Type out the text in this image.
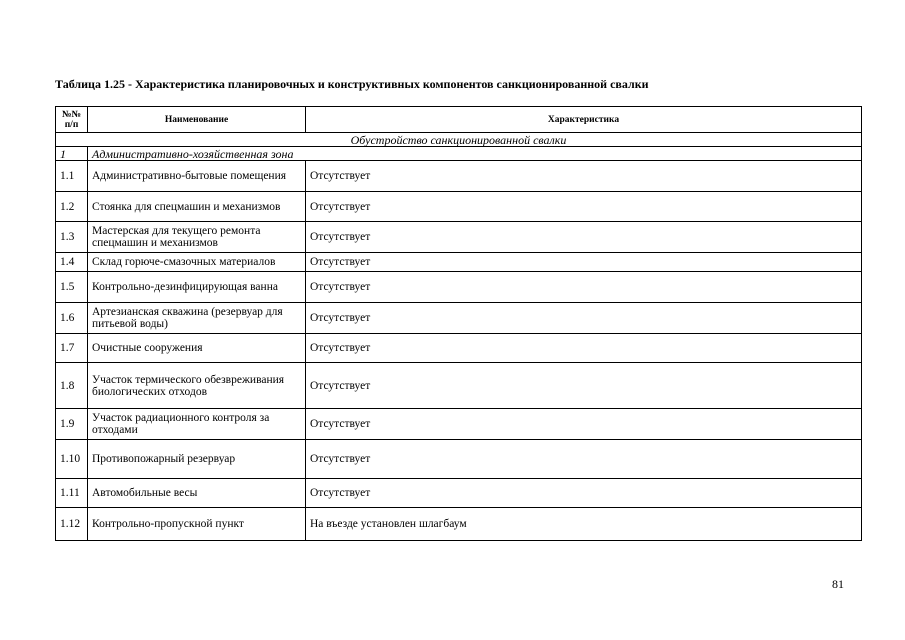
Таблица 1.25 - Характеристика планировочных и конструктивных компонентов санкционированной свалки
№№ п/п	Наименование	Характеристика
Обустройство санкционированной свалки		
1	Административно-хозяйственная зона	
1.1	Административно-бытовые помещения	Отсутствует
1.2	Стоянка для спецмашин и механизмов	Отсутствует
1.3	Мастерская для текущего ремонта спецмашин и механизмов	Отсутствует
1.4	Склад горюче-смазочных материалов	Отсутствует
1.5	Контрольно-дезинфицирующая ванна	Отсутствует
1.6	Артезианская скважина (резервуар для питьевой воды)	Отсутствует
1.7	Очистные сооружения	Отсутствует
1.8	Участок термического обезвреживания биологических отходов	Отсутствует
1.9	Участок радиационного контроля за отходами	Отсутствует
1.10	Противопожарный резервуар	Отсутствует
1.11	Автомобильные весы	Отсутствует
1.12	Контрольно-пропускной пункт	На въезде установлен шлагбаум
81
